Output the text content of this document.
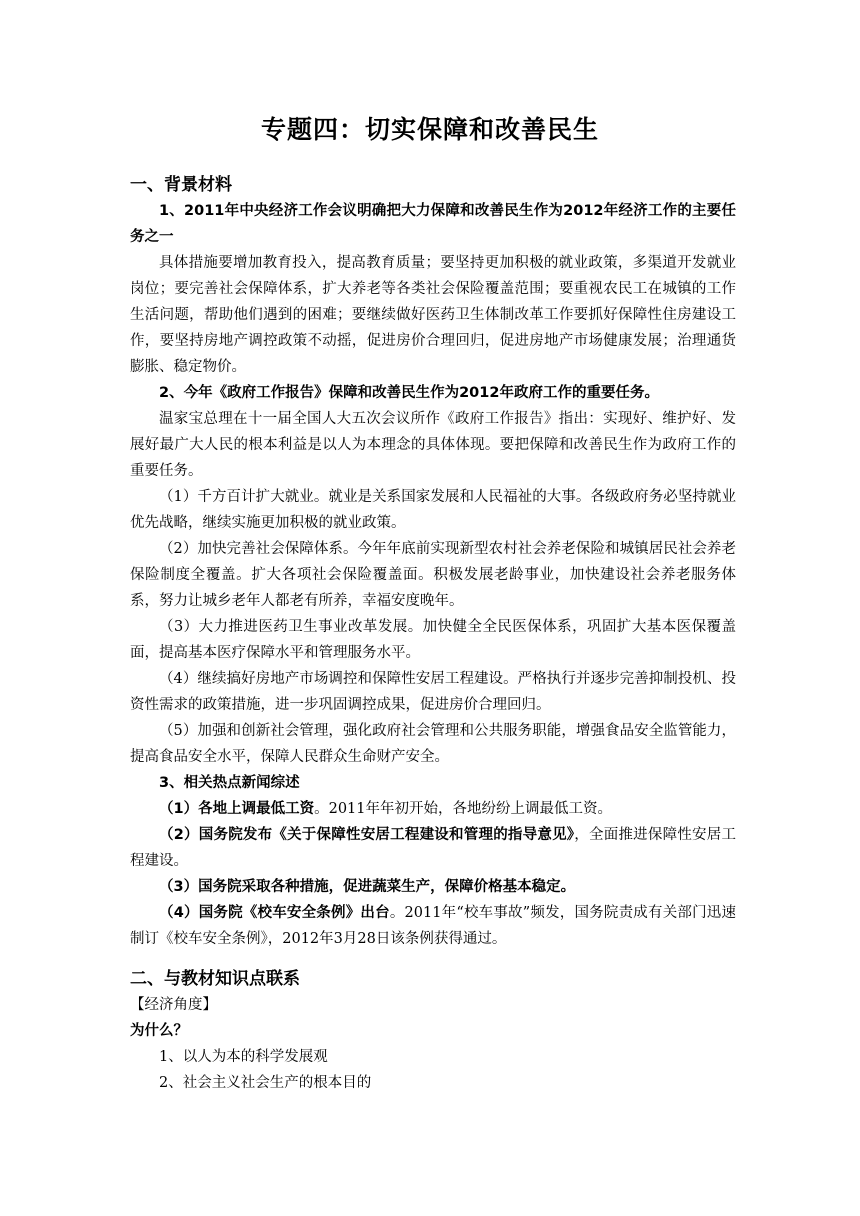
专题四：切实保障和改善民生
一、背景材料

1、2011年中央经济工作会议明确把大力保障和改善民生作为2012年经济工作的主要任务之一

具体措施要增加教育投入，提高教育质量；要坚持更加积极的就业政策，多渠道开发就业岗位；要完善社会保障体系，扩大养老等各类社会保险覆盖范围；要重视农民工在城镇的工作生活问题，帮助他们遇到的困难；要继续做好医药卫生体制改革工作要抓好保障性住房建设工作，要坚持房地产调控政策不动摇，促进房价合理回归，促进房地产市场健康发展；治理通货膨胀、稳定物价。

2、今年《政府工作报告》保障和改善民生作为2012年政府工作的重要任务。

温家宝总理在十一届全国人大五次会议所作《政府工作报告》指出：实现好、维护好、发展好最广大人民的根本利益是以人为本理念的具体体现。要把保障和改善民生作为政府工作的重要任务。

（1）千方百计扩大就业。就业是关系国家发展和人民福祉的大事。各级政府务必坚持就业优先战略，继续实施更加积极的就业政策。

（2）加快完善社会保障体系。今年年底前实现新型农村社会养老保险和城镇居民社会养老保险制度全覆盖。扩大各项社会保险覆盖面。积极发展老龄事业，加快建设社会养老服务体系，努力让城乡老年人都老有所养，幸福安度晚年。

（3）大力推进医药卫生事业改革发展。加快健全全民医保体系，巩固扩大基本医保覆盖面，提高基本医疗保障水平和管理服务水平。

（4）继续搞好房地产市场调控和保障性安居工程建设。严格执行并逐步完善抑制投机、投资性需求的政策措施，进一步巩固调控成果，促进房价合理回归。

（5）加强和创新社会管理，强化政府社会管理和公共服务职能，增强食品安全监管能力，提高食品安全水平，保障人民群众生命财产安全。

3、相关热点新闻综述

（1）各地上调最低工资。2011年年初开始，各地纷纷上调最低工资。

（2）国务院发布《关于保障性安居工程建设和管理的指导意见》，全面推进保障性安居工程建设。

（3）国务院采取各种措施，促进蔬菜生产，保障价格基本稳定。

（4）国务院《校车安全条例》出台。2011年“校车事故”频发，国务院责成有关部门迅速制订《校车安全条例》，2012年3月28日该条例获得通过。

二、与教材知识点联系

【经济角度】

为什么？

1、以人为本的科学发展观

2、社会主义社会生产的根本目的
